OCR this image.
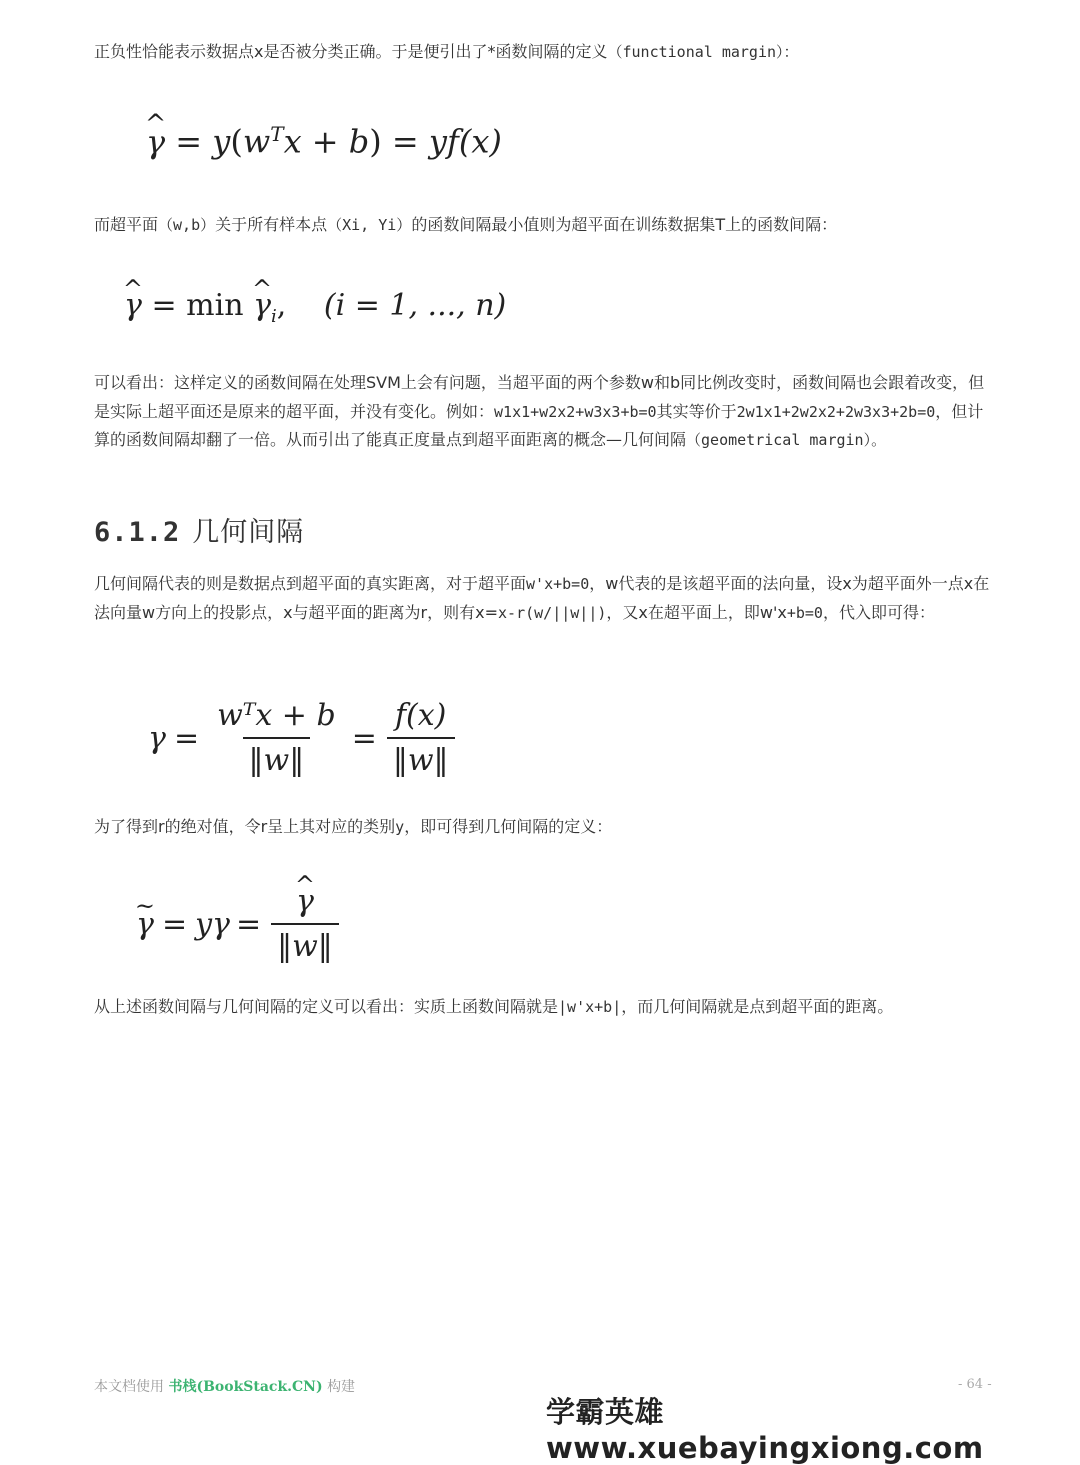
正负性恰能表示数据点x是否被分类正确。于是便引出了*函数间隔的定义（functional margin）：

γ ^ = $y(w^Tx + b) = yf(x)$

而超平面（w,b）关于所有样本点（Xi, Yi）的函数间隔最小值则为超平面在训练数据集T上的函数间隔：

γ ^ = min γ $\^{}_i$, (i = 1, ..., n)

可以看出：这样定义的函数间隔在处理SVM上会有问题，当超平面的两个参数w和b同比例改变时，函数间隔也会跟着改变，但是实际上超平面还是原来的超平面，并没有变化。例如：w1x1+w2x2+w3x3+b=0其实等价于2w1x1+2w2x2+2w3x3+2b=0，但计算的函数间隔却翻了一倍。从而引出了能真正度量点到超平面距离的概念—几何间隔（geometrical margin）。

6.1.2 几何间隔

几何间隔代表的则是数据点到超平面的真实距离，对于超平面w'x+b=0，w代表的是该超平面的法向量，设x为超平面外一点x在法向量w方向上的投影点，x与超平面的距离为r，则有x=x-r(w/||w||)，又x在超平面上，即w'x+b=0，代入即可得：

$\gamma = \frac{\text{wᵀx + b}}{‖w‖} = \frac{f(x)}{‖w‖}$

为了得到r的绝对值，令r呈上其对应的类别y，即可得到几何间隔的定义：

γ ~ = $y\gamma = \frac{\gamma \^{}}{‖w‖}$

从上述函数间隔与几何间隔的定义可以看出：实质上函数间隔就是|w'x+b|，而几何间隔就是点到超平面的距离。

本文档使用 书栈(BookStack.CN) 构建	- 64 -
学霸英雄 www.xuebayingxiong.com
